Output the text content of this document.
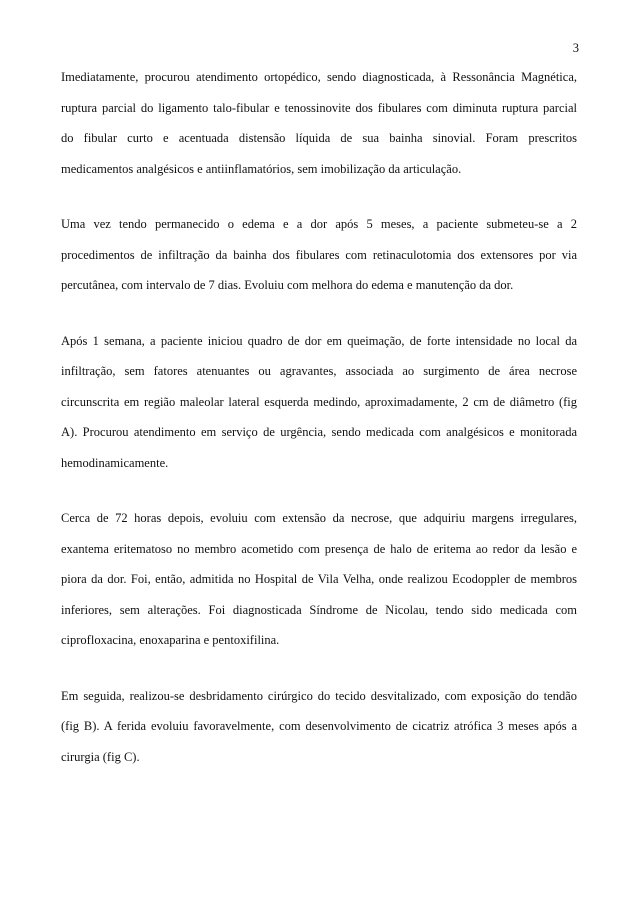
3

Imediatamente, procurou atendimento ortopédico, sendo diagnosticada, à Ressonância Magnética,
ruptura parcial do ligamento talo-fibular e tenossinovite dos fibulares com diminuta ruptura parcial
do fibular curto e acentuada distensão líquida de sua bainha sinovial. Foram prescritos
medicamentos analgésicos e antiinflamatórios, sem imobilização da articulação.

Uma vez tendo permanecido o edema e a dor após 5 meses, a paciente submeteu-se a 2
procedimentos de infiltração da bainha dos fibulares com retinaculotomia dos extensores por via
percutânea, com intervalo de 7 dias. Evoluiu com melhora do edema e manutenção da dor.

Após 1 semana, a paciente iniciou quadro de dor em queimação, de forte intensidade no local da
infiltração, sem fatores atenuantes ou agravantes, associada ao surgimento de área necrose
circunscrita em região maleolar lateral esquerda medindo, aproximadamente, 2 cm de diâmetro (fig
A). Procurou atendimento em serviço de urgência, sendo medicada com analgésicos e monitorada
hemodinamicamente.

Cerca de 72 horas depois, evoluiu com extensão da necrose, que adquiriu margens irregulares,
exantema eritematoso no membro acometido com presença de halo de eritema ao redor da lesão e
piora da dor. Foi, então, admitida no Hospital de Vila Velha, onde realizou Ecodoppler de membros
inferiores, sem alterações. Foi diagnosticada Síndrome de Nicolau, tendo sido medicada com
ciprofloxacina, enoxaparina e pentoxifilina.

Em seguida, realizou-se desbridamento cirúrgico do tecido desvitalizado, com exposição do tendão
(fig B). A ferida evoluiu favoravelmente, com desenvolvimento de cicatriz atrófica 3 meses após a
cirurgia (fig C).
